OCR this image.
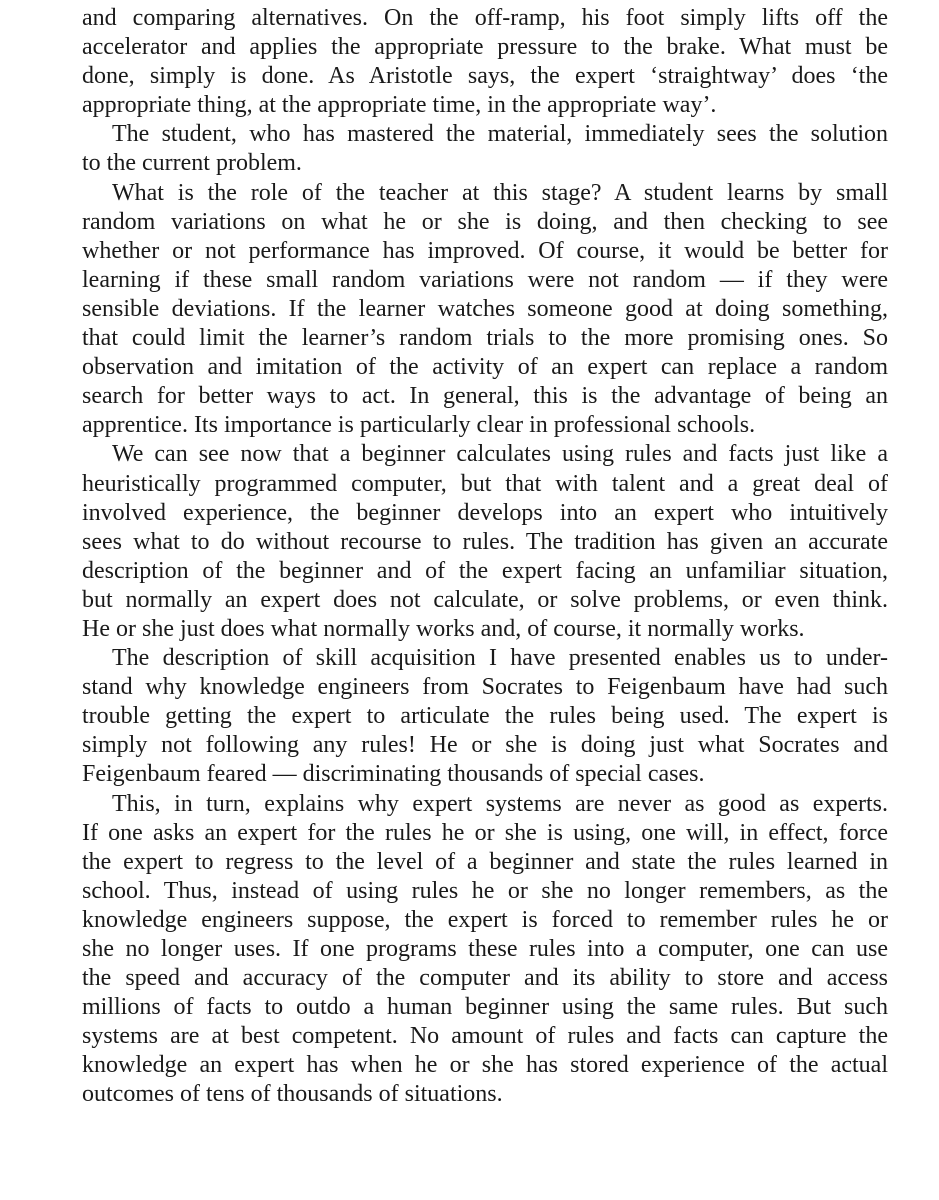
and comparing alternatives. On the off-ramp, his foot simply lifts off the
accelerator and applies the appropriate pressure to the brake. What must be
done, simply is done. As Aristotle says, the expert ‘straightway’ does ‘the
appropriate thing, at the appropriate time, in the appropriate way’.

The student, who has mastered the material, immediately sees the solution
to the current problem.

What is the role of the teacher at this stage? A student learns by small
random variations on what he or she is doing, and then checking to see
whether or not performance has improved. Of course, it would be better for
learning if these small random variations were not random — if they were
sensible deviations. If the learner watches someone good at doing something,
that could limit the learner’s random trials to the more promising ones. So
observation and imitation of the activity of an expert can replace a random
search for better ways to act. In general, this is the advantage of being an
apprentice. Its importance is particularly clear in professional schools.

We can see now that a beginner calculates using rules and facts just like a
heuristically programmed computer, but that with talent and a great deal of
involved experience, the beginner develops into an expert who intuitively
sees what to do without recourse to rules. The tradition has given an accurate
description of the beginner and of the expert facing an unfamiliar situation,
but normally an expert does not calculate, or solve problems, or even think.
He or she just does what normally works and, of course, it normally works.

The description of skill acquisition I have presented enables us to under-
stand why knowledge engineers from Socrates to Feigenbaum have had such
trouble getting the expert to articulate the rules being used. The expert is
simply not following any rules! He or she is doing just what Socrates and
Feigenbaum feared — discriminating thousands of special cases.

This, in turn, explains why expert systems are never as good as experts.
If one asks an expert for the rules he or she is using, one will, in effect, force
the expert to regress to the level of a beginner and state the rules learned in
school. Thus, instead of using rules he or she no longer remembers, as the
knowledge engineers suppose, the expert is forced to remember rules he or
she no longer uses. If one programs these rules into a computer, one can use
the speed and accuracy of the computer and its ability to store and access
millions of facts to outdo a human beginner using the same rules. But such
systems are at best competent. No amount of rules and facts can capture the
knowledge an expert has when he or she has stored experience of the actual
outcomes of tens of thousands of situations.
